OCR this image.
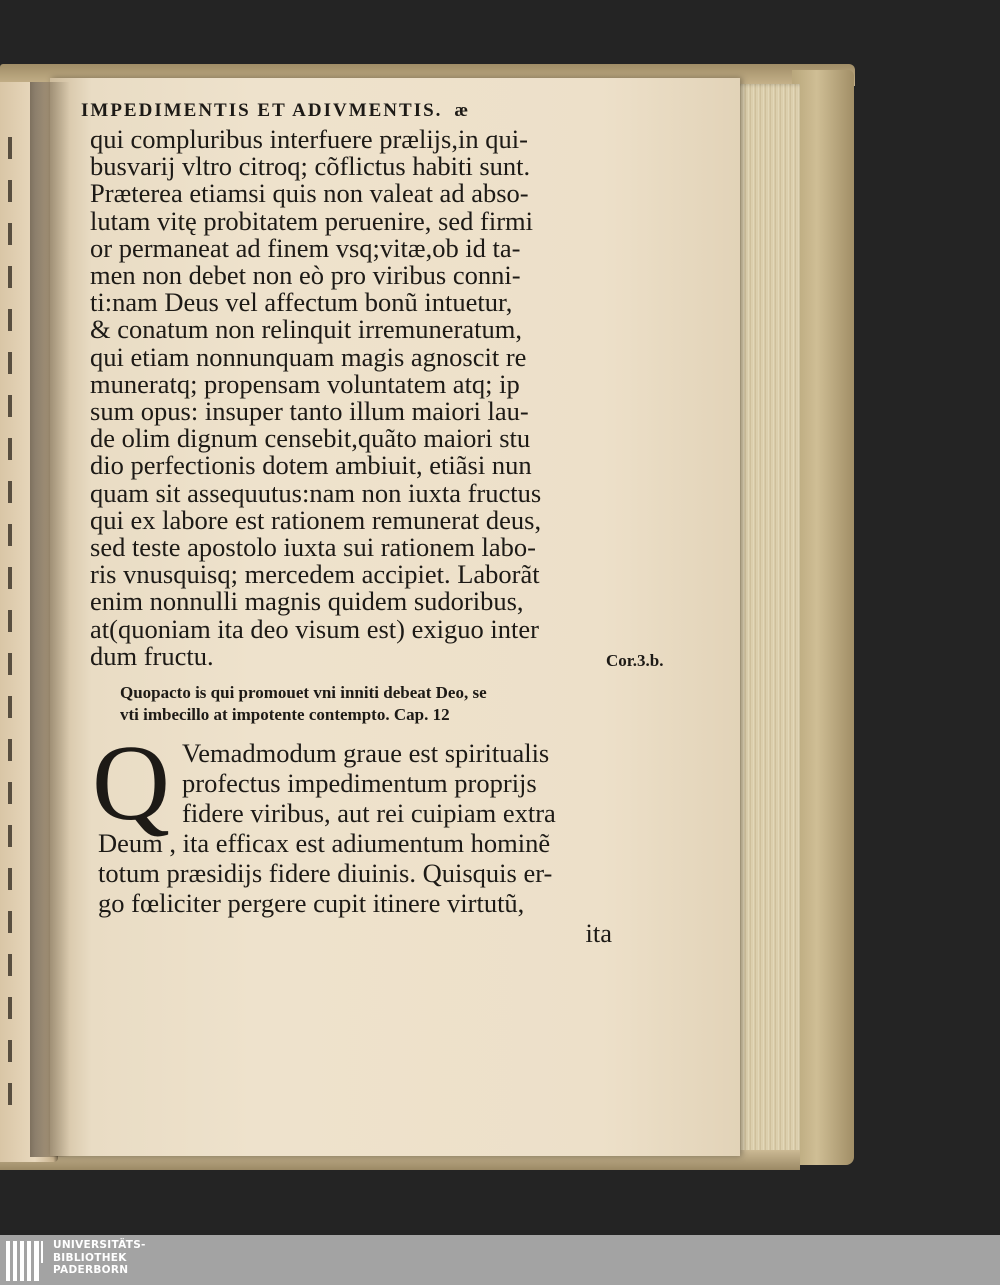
IMPEDIMENTIS ET ADIVMENTIS. æ
qui compluribus interfuere prælijs,in qui-
busvarij vltro citroq; cõflictus habiti sunt.
Præterea etiamsi quis non valeat ad abso-
lutam vitę probitatem peruenire, sed firmi
or permaneat ad finem vsq;vitæ,ob id ta-
men non debet non eò pro viribus conni-
ti:nam Deus vel affectum bonũ intuetur,
& conatum non relinquit irremuneratum,
qui etiam nonnunquam magis agnoscit re
muneratq; propensam voluntatem atq; ip
sum opus: insuper tanto illum maiori lau-
de olim dignum censebit,quãto maiori stu
dio perfectionis dotem ambiuit, etiãsi nun
quam sit assequutus:nam non iuxta fructus
qui ex labore est rationem remunerat deus,
sed teste apostolo iuxta sui rationem labo-
ris vnusquisq; mercedem accipiet. Laborãt
enim nonnulli magnis quidem sudoribus,
at(quoniam ita deo visum est) exiguo inter
dum fructu.
Quopacto is qui promouet vni inniti debeat Deo, se
vti imbecillo at impotente contempto. Cap. 12
Q Vemadmodum graue est spiritualis
profectus impedimentum proprijs
fidere viribus, aut rei cuipiam extra
Deum , ita efficax est adiumentum hominẽ
totum præsidijs fidere diuinis. Quisquis er-
go fœliciter pergere cupit itinere virtutũ,
ita
Cor.3.b.
UNIVERSITÄTS-
BIBLIOTHEK
PADERBORN
